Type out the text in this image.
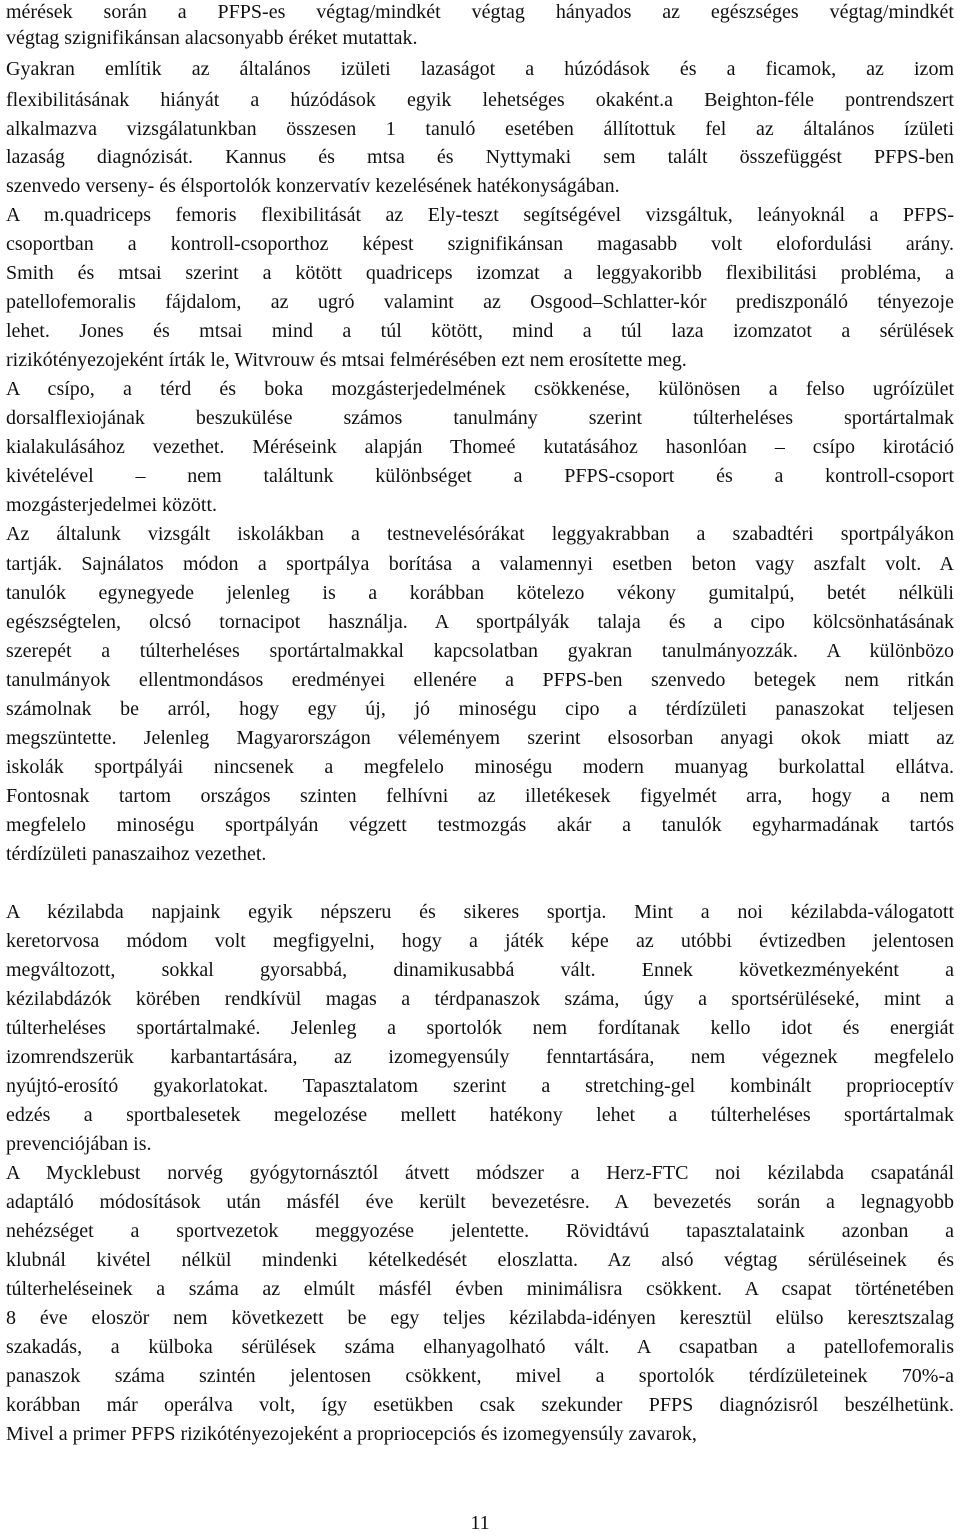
mérések során a PFPS-es végtag/mindkét végtag hányados az egészséges végtag/mindkét
végtag szignifikánsan alacsonyabb éréket mutattak.
Gyakran említik az általános izületi lazaságot a húzódások és a ficamok, az izom
flexibilitásának hiányát a húzódások egyik lehetséges okaként.a Beighton-féle pontrendszert
alkalmazva vizsgálatunkban összesen 1 tanuló esetében állítottuk fel az általános ízületi
lazaság diagnózisát. Kannus és mtsa és Nyttymaki sem talált összefüggést PFPS-ben
szenvedo verseny- és élsportolók konzervatív kezelésének hatékonyságában.
A m.quadriceps femoris flexibilitását az Ely-teszt segítségével vizsgáltuk, leányoknál a PFPS-
csoportban a kontroll-csoporthoz képest szignifikánsan magasabb volt elofordulási arány.
Smith és mtsai szerint a kötött quadriceps izomzat a leggyakoribb flexibilitási probléma, a
patellofemoralis fájdalom, az ugró valamint az Osgood–Schlatter-kór prediszponáló tényezoje
lehet. Jones és mtsai mind a túl kötött, mind a túl laza izomzatot a sérülések
rizikótényezojeként írták le, Witvrouw és mtsai felmérésében ezt nem erosítette meg.
A csípo, a térd és boka mozgásterjedelmének csökkenése, különösen a felso ugróízület
dorsalflexiojának beszukülése számos tanulmány szerint túlterheléses sportártalmak
kialakulásához vezethet. Méréseink alapján Thomeé kutatásához hasonlóan – csípo kirotáció
kivételével – nem találtunk különbséget a PFPS-csoport és a kontroll-csoport
mozgásterjedelmei között.
Az általunk vizsgált iskolákban a testnevelésórákat leggyakrabban a szabadtéri sportpályákon
tartják. Sajnálatos módon a sportpálya borítása a valamennyi esetben beton vagy aszfalt volt. A
tanulók egynegyede jelenleg is a korábban kötelezo vékony gumitalpú, betét nélküli
egészségtelen, olcsó tornacipot használja. A sportpályák talaja és a cipo kölcsönhatásának
szerepét a túlterheléses sportártalmakkal kapcsolatban gyakran tanulmányozzák. A különbözo
tanulmányok ellentmondásos eredményei ellenére a PFPS-ben szenvedo betegek nem ritkán
számolnak be arról, hogy egy új, jó minoségu cipo a térdízületi panaszokat teljesen
megszüntette. Jelenleg Magyarországon véleményem szerint elsosorban anyagi okok miatt az
iskolák sportpályái nincsenek a megfelelo minoségu modern muanyag burkolattal ellátva.
Fontosnak tartom országos szinten felhívni az illetékesek figyelmét arra, hogy a nem
megfelelo minoségu sportpályán végzett testmozgás akár a tanulók egyharmadának tartós
térdízületi panaszaihoz vezethet.
A kézilabda napjaink egyik népszeru és sikeres sportja. Mint a noi kézilabda-válogatott
keretorvosa módom volt megfigyelni, hogy a játék képe az utóbbi évtizedben jelentosen
megváltozott, sokkal gyorsabbá, dinamikusabbá vált. Ennek következményeként a
kézilabdázók körében rendkívül magas a térdpanaszok száma, úgy a sportsérüléseké, mint a
túlterheléses sportártalmaké. Jelenleg a sportolók nem fordítanak kello idot és energiát
izomrendszerük karbantartására, az izomegyensúly fenntartására, nem végeznek megfelelo
nyújtó-erosító gyakorlatokat. Tapasztalatom szerint a stretching-gel kombinált proprioceptív
edzés a sportbalesetek megelozése mellett hatékony lehet a túlterheléses sportártalmak
prevenciójában is.
A Mycklebust norvég gyógytornásztól átvett módszer a Herz-FTC noi kézilabda csapatánál
adaptáló módosítások után másfél éve került bevezetésre. A bevezetés során a legnagyobb
nehézséget a sportvezetok meggyozése jelentette. Rövidtávú tapasztalataink azonban a
klubnál kivétel nélkül mindenki kételkedését eloszlatta. Az alsó végtag sérüléseinek és
túlterheléseinek a száma az elmúlt másfél évben minimálisra csökkent. A csapat történetében
8 éve eloször nem következett be egy teljes kézilabda-idényen keresztül elülso keresztszalag
szakadás, a külboka sérülések száma elhanyagolható vált. A csapatban a patellofemoralis
panaszok száma szintén jelentosen csökkent, mivel a sportolók térdízületeinek 70%-a
korábban már operálva volt, így esetükben csak szekunder PFPS diagnózisról beszélhetünk.
Mivel a primer PFPS rizikótényezojeként a propriocepciós és izomegyensúly zavarok,
11
